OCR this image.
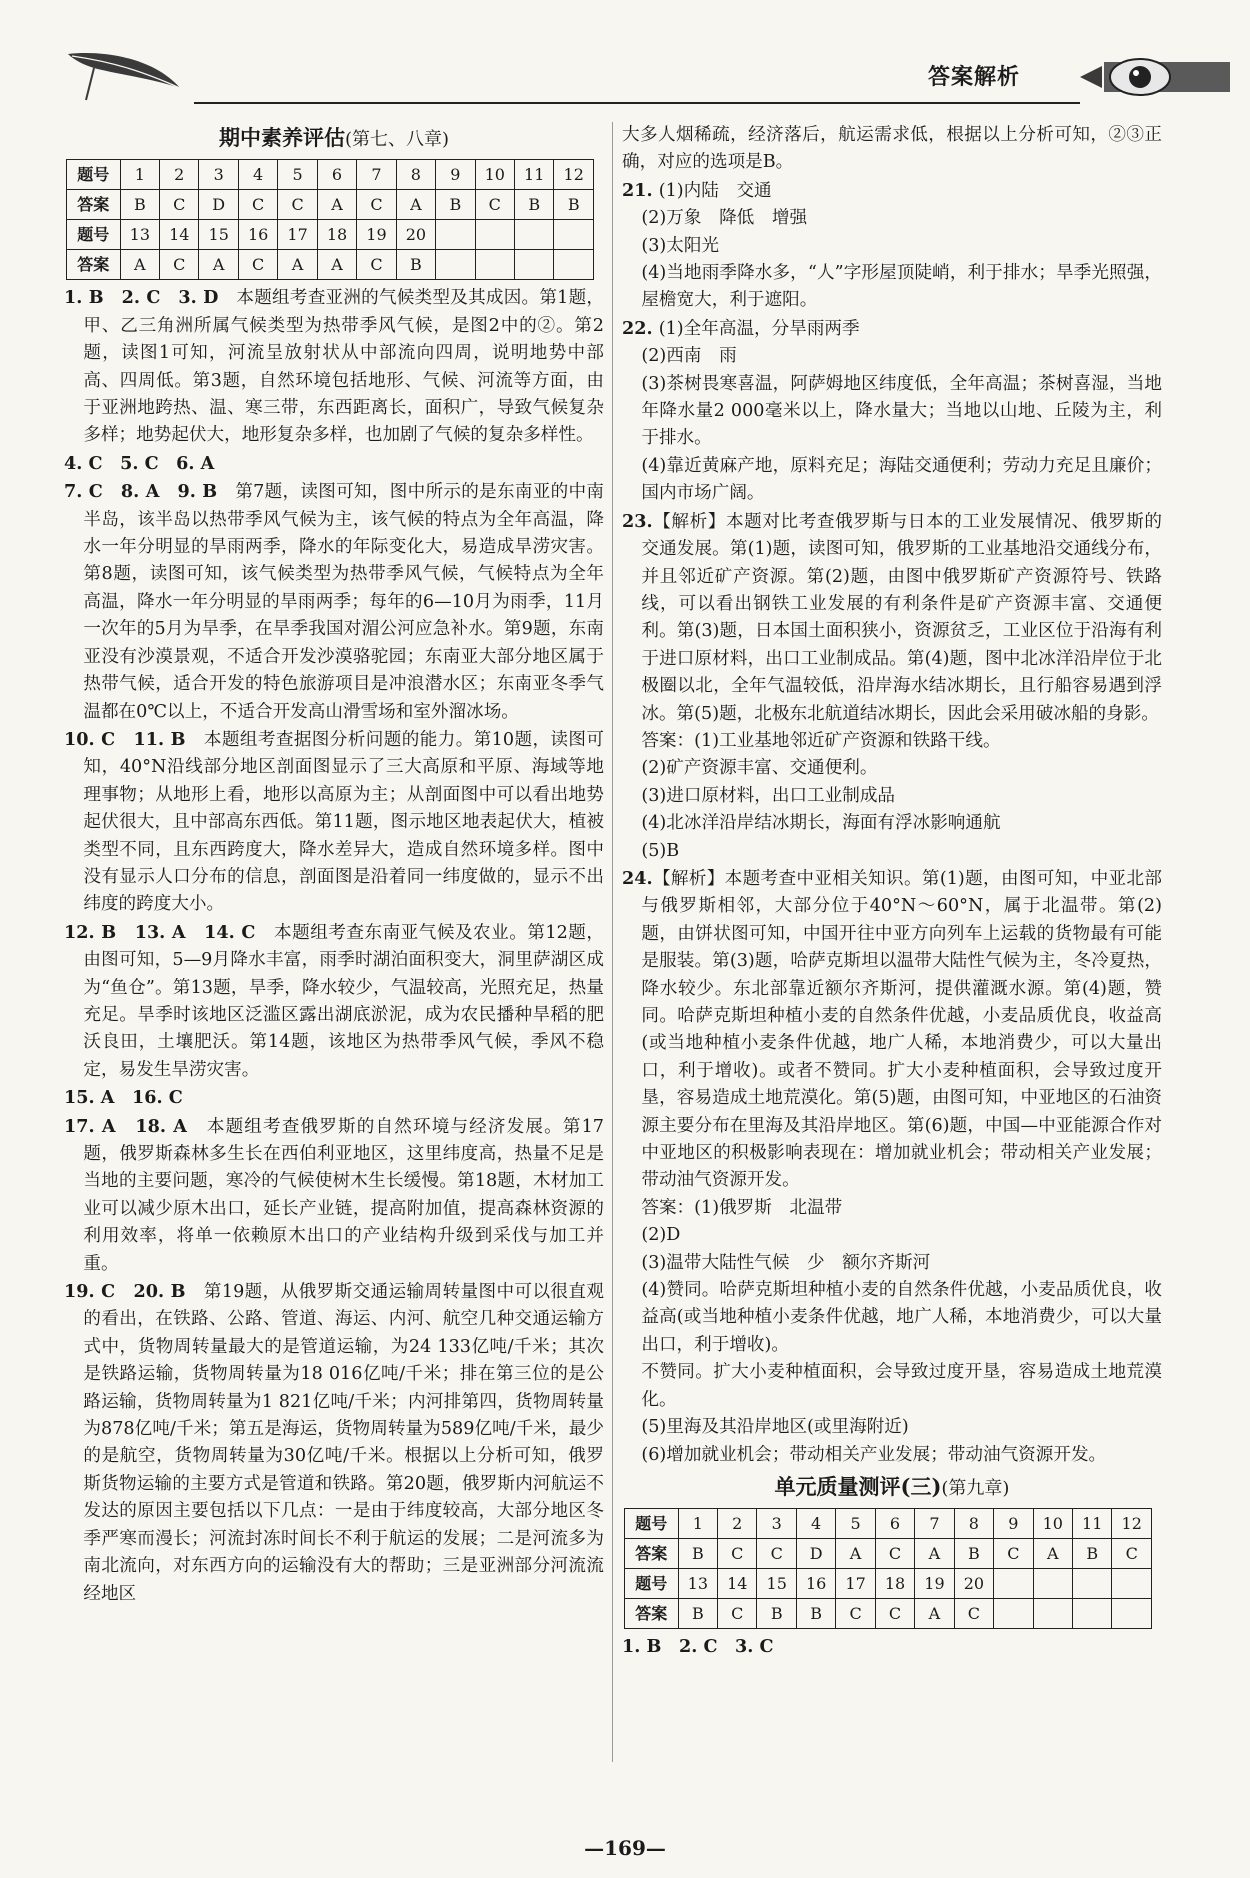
答案解析
期中素养评估(第七、八章)
题号	1	2	3	4	5	6	7	8	9	10	11	12
答案	B	C	D	C	C	A	C	A	B	C	B	B
题号	13	14	15	16	17	18	19	20				
答案	A	C	A	C	A	A	C	B				

1. B　2. C　3. D　本题组考查亚洲的气候类型及其成因。第1题，甲、乙三角洲所属气候类型为热带季风气候，是图2中的②。第2题，读图1可知，河流呈放射状从中部流向四周，说明地势中部高、四周低。第3题，自然环境包括地形、气候、河流等方面，由于亚洲地跨热、温、寒三带，东西距离长，面积广，导致气候复杂多样；地势起伏大，地形复杂多样，也加剧了气候的复杂多样性。

4. C　5. C　6. A

7. C　8. A　9. B　第7题，读图可知，图中所示的是东南亚的中南半岛，该半岛以热带季风气候为主，该气候的特点为全年高温，降水一年分明显的旱雨两季，降水的年际变化大，易造成旱涝灾害。第8题，读图可知，该气候类型为热带季风气候，气候特点为全年高温，降水一年分明显的旱雨两季；每年的6—10月为雨季，11月一次年的5月为旱季，在旱季我国对湄公河应急补水。第9题，东南亚没有沙漠景观，不适合开发沙漠骆驼园；东南亚大部分地区属于热带气候，适合开发的特色旅游项目是冲浪潜水区；东南亚冬季气温都在0℃以上，不适合开发高山滑雪场和室外溜冰场。

10. C　11. B　本题组考查据图分析问题的能力。第10题，读图可知，40°N沿线部分地区剖面图显示了三大高原和平原、海域等地理事物；从地形上看，地形以高原为主；从剖面图中可以看出地势起伏很大，且中部高东西低。第11题，图示地区地表起伏大，植被类型不同，且东西跨度大，降水差异大，造成自然环境多样。图中没有显示人口分布的信息，剖面图是沿着同一纬度做的，显示不出纬度的跨度大小。

12. B　13. A　14. C　本题组考查东南亚气候及农业。第12题，由图可知，5—9月降水丰富，雨季时湖泊面积变大，洞里萨湖区成为“鱼仓”。第13题，旱季，降水较少，气温较高，光照充足，热量充足。旱季时该地区泛滥区露出湖底淤泥，成为农民播种旱稻的肥沃良田，土壤肥沃。第14题，该地区为热带季风气候，季风不稳定，易发生旱涝灾害。

15. A　16. C

17. A　18. A　本题组考查俄罗斯的自然环境与经济发展。第17题，俄罗斯森林多生长在西伯利亚地区，这里纬度高，热量不足是当地的主要问题，寒冷的气候使树木生长缓慢。第18题，木材加工业可以减少原木出口，延长产业链，提高附加值，提高森林资源的利用效率，将单一依赖原木出口的产业结构升级到采伐与加工并重。

19. C　20. B　第19题，从俄罗斯交通运输周转量图中可以很直观的看出，在铁路、公路、管道、海运、内河、航空几种交通运输方式中，货物周转量最大的是管道运输，为24 133亿吨/千米；其次是铁路运输，货物周转量为18 016亿吨/千米；排在第三位的是公路运输，货物周转量为1 821亿吨/千米；内河排第四，货物周转量为878亿吨/千米；第五是海运，货物周转量为589亿吨/千米，最少的是航空，货物周转量为30亿吨/千米。根据以上分析可知，俄罗斯货物运输的主要方式是管道和铁路。第20题，俄罗斯内河航运不发达的原因主要包括以下几点：一是由于纬度较高，大部分地区冬季严寒而漫长；河流封冻时间长不利于航运的发展；二是河流多为南北流向，对东西方向的运输没有大的帮助；三是亚洲部分河流流经地区

大多人烟稀疏，经济落后，航运需求低，根据以上分析可知，②③正确，对应的选项是B。

21. (1)内陆　交通

(2)万象　降低　增强

(3)太阳光

(4)当地雨季降水多，“人”字形屋顶陡峭，利于排水；旱季光照强，屋檐宽大，利于遮阳。

22. (1)全年高温，分旱雨两季

(2)西南　雨

(3)茶树畏寒喜温，阿萨姆地区纬度低，全年高温；茶树喜湿，当地年降水量2 000毫米以上，降水量大；当地以山地、丘陵为主，利于排水。

(4)靠近黄麻产地，原料充足；海陆交通便利；劳动力充足且廉价；国内市场广阔。

23.【解析】本题对比考查俄罗斯与日本的工业发展情况、俄罗斯的交通发展。第(1)题，读图可知，俄罗斯的工业基地沿交通线分布，并且邻近矿产资源。第(2)题，由图中俄罗斯矿产资源符号、铁路线，可以看出钢铁工业发展的有利条件是矿产资源丰富、交通便利。第(3)题，日本国土面积狭小，资源贫乏，工业区位于沿海有利于进口原材料，出口工业制成品。第(4)题，图中北冰洋沿岸位于北极圈以北，全年气温较低，沿岸海水结冰期长，且行船容易遇到浮冰。第(5)题，北极东北航道结冰期长，因此会采用破冰船的身影。

答案：(1)工业基地邻近矿产资源和铁路干线。

(2)矿产资源丰富、交通便利。

(3)进口原材料，出口工业制成品

(4)北冰洋沿岸结冰期长，海面有浮冰影响通航

(5)B

24.【解析】本题考查中亚相关知识。第(1)题，由图可知，中亚北部与俄罗斯相邻，大部分位于40°N～60°N，属于北温带。第(2)题，由饼状图可知，中国开往中亚方向列车上运载的货物最有可能是服装。第(3)题，哈萨克斯坦以温带大陆性气候为主，冬冷夏热，降水较少。东北部靠近额尔齐斯河，提供灌溉水源。第(4)题，赞同。哈萨克斯坦种植小麦的自然条件优越，小麦品质优良，收益高(或当地种植小麦条件优越，地广人稀，本地消费少，可以大量出口，利于增收)。或者不赞同。扩大小麦种植面积，会导致过度开垦，容易造成土地荒漠化。第(5)题，由图可知，中亚地区的石油资源主要分布在里海及其沿岸地区。第(6)题，中国—中亚能源合作对中亚地区的积极影响表现在：增加就业机会；带动相关产业发展；带动油气资源开发。

答案：(1)俄罗斯　北温带

(2)D

(3)温带大陆性气候　少　额尔齐斯河

(4)赞同。哈萨克斯坦种植小麦的自然条件优越，小麦品质优良，收益高(或当地种植小麦条件优越，地广人稀，本地消费少，可以大量出口，利于增收)。

不赞同。扩大小麦种植面积，会导致过度开垦，容易造成土地荒漠化。

(5)里海及其沿岸地区(或里海附近)

(6)增加就业机会；带动相关产业发展；带动油气资源开发。

单元质量测评(三)(第九章)
题号	1	2	3	4	5	6	7	8	9	10	11	12
答案	B	C	C	D	A	C	A	B	C	A	B	C
题号	13	14	15	16	17	18	19	20				
答案	B	C	B	B	C	C	A	C				

1. B　2. C　3. C

—169—
